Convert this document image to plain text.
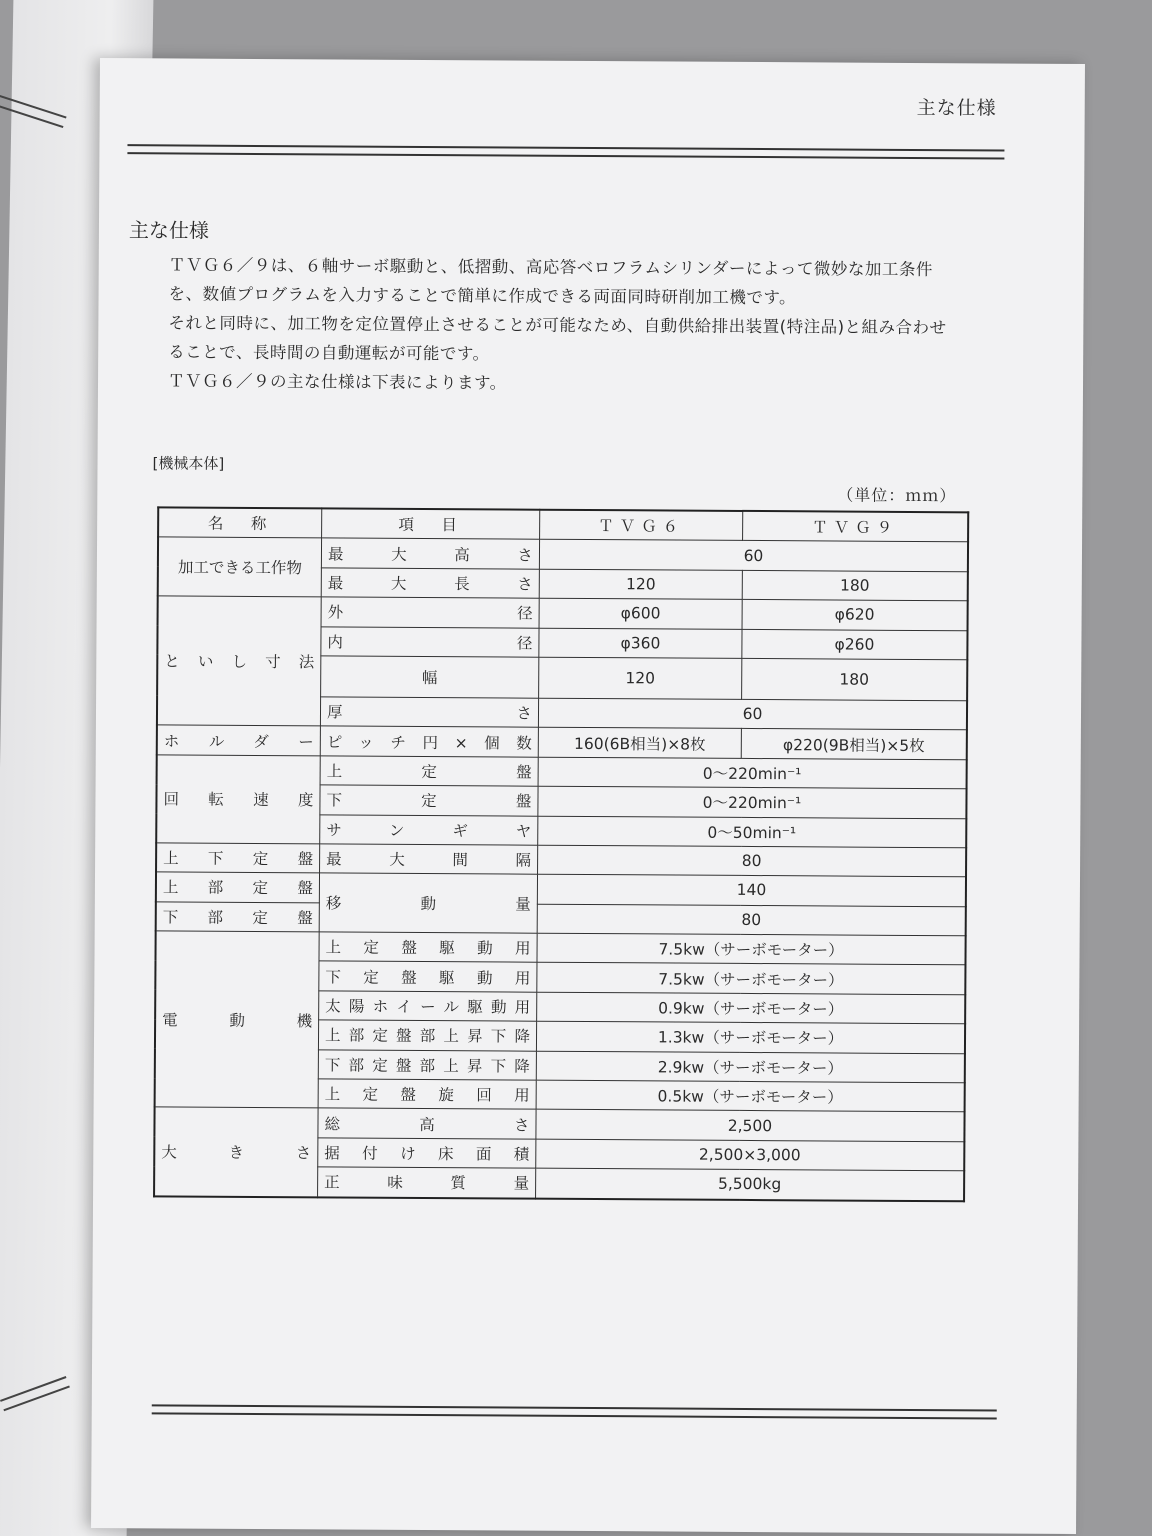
主な仕様
主な仕様

ＴＶＧ６／９は、６軸サーボ駆動と、低摺動、高応答ベロフラムシリンダーによって微妙な加工条件

を、数値プログラムを入力することで簡単に作成できる両面同時研削加工機です。

それと同時に、加工物を定位置停止させることが可能なため、自動供給排出装置(特注品)と組み合わせ

ることで、長時間の自動運転が可能です。

ＴＶＧ６／９の主な仕様は下表によります。

[機械本体]
（単位：ｍｍ）
名　称	項　目	ＴＶＧ６	ＴＶＧ９
加工できる工作物	最大高さ	60	
	最大長さ	120	180
といし寸法	外径	φ600	φ620
	内径	φ360	φ260
	幅	120	180
	厚さ	60	
ホルダー	ピッチ円×個数	160(6B相当)×8枚	φ220(9B相当)×5枚
回転速度	上定盤	0～220min⁻¹	
	下定盤	0～220min⁻¹	
	サンギヤ	0～50min⁻¹	
上下定盤	最大間隔	80	
上部定盤	移動量	140	
下部定盤		80	
電動機	上定盤駆動用	7.5kw（サーボモーター）	
	下定盤駆動用	7.5kw（サーボモーター）	
	太陽ホイール駆動用	0.9kw（サーボモーター）	
	上部定盤部上昇下降	1.3kw（サーボモーター）	
	下部定盤部上昇下降	2.9kw（サーボモーター）	
	上定盤旋回用	0.5kw（サーボモーター）	
大きさ	総高さ	2,500	
	据付け床面積	2,500×3,000	
	正味質量	5,500kg	
